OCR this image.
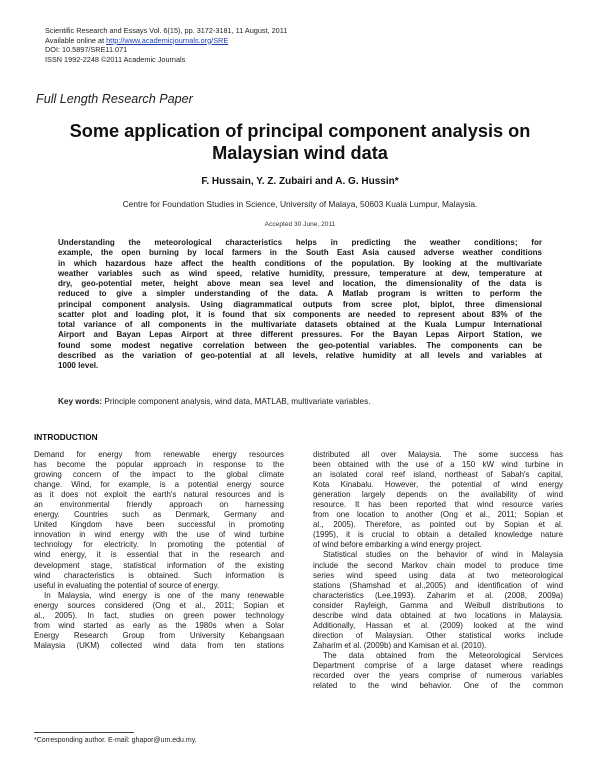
Scientific Research and Essays Vol. 6(15), pp. 3172-3181, 11 August, 2011
Available online at http://www.academicjournals.org/SRE
DOI: 10.5897/SRE11.071
ISSN 1992-2248 ©2011 Academic Journals
Full Length Research Paper
Some application of principal component analysis on
Malaysian wind data
F. Hussain, Y. Z. Zubairi and A. G. Hussin*
Centre for Foundation Studies in Science, University of Malaya, 50603 Kuala Lumpur, Malaysia.
Accepted 30 June, 2011

Understanding the meteorological characteristics helps in predicting the weather conditions; for
example, the open burning by local farmers in the South East Asia caused adverse weather conditions
in which hazardous haze affect the health conditions of the population. By looking at the multivariate
weather variables such as wind speed, relative humidity, pressure, temperature at dew, temperature at
dry, geo-potential meter, height above mean sea level and location, the dimensionality of the data is
reduced to give a simpler understanding of the data. A Matlab program is written to perform the
principal component analysis. Using diagrammatical outputs from scree plot, biplot, three dimensional
scatter plot and loading plot, it is found that six components are needed to represent about 83% of the
total variance of all components in the multivariate datasets obtained at the Kuala Lumpur International
Airport and Bayan Lepas Airport at three different pressures. For the Bayan Lepas Airport Station, we
found some modest negative correlation between the geo-potential variables. The components can be
described as the variation of geo-potential at all levels, relative humidity at all levels and variables at
1000 level.

Key words: Principle component analysis, wind data, MATLAB, multivariate variables.
INTRODUCTION

Demand for energy from renewable energy resources
has become the popular approach in response to the
growing concern of the impact to the global climate
change. Wind, for example, is a potential energy source
as it does not exploit the earth's natural resources and is
an environmental friendly approach on harnessing
energy. Countries such as Denmark, Germany and
United Kingdom have been successful in promoting
innovation in wind energy with the use of wind turbine
technology for electricity. In promoting the potential of
wind energy, it is essential that in the research and
development stage, statistical information of the existing
wind characteristics is obtained. Such information is
useful in evaluating the potential of source of energy.
In Malaysia, wind energy is one of the many renewable
energy sources considered (Ong et al., 2011; Sopian et
al., 2005). In fact, studies on green power technology
from wind started as early as the 1980s when a Solar
Energy Research Group from University Kebangsaan
Malaysia (UKM) collected wind data from ten stations

distributed all over Malaysia. The some success has
been obtained with the use of a 150 kW wind turbine in
an isolated coral reef island, northeast of Sabah's capital,
Kota Kinabalu. However, the potential of wind energy
generation largely depends on the availability of wind
resource. It has been reported that wind resource varies
from one location to another (Ong et al., 2011; Sopian et
al., 2005). Therefore, as pointed out by Sopian et al.
(1995), it is crucial to obtain a detailed knowledge nature
of wind before embarking a wind energy project.
Statistical studies on the behavior of wind in Malaysia
include the second Markov chain model to produce time
series wind speed using data at two meteorological
stations (Shamshad et al.,2005) and identification of wind
characteristics (Lee,1993). Zaharim et al. (2008, 2009a)
consider Rayleigh, Gamma and Weibull distributions to
describe wind data obtained at two locations in Malaysia.
Additionally, Hassan et al. (2009) looked at the wind
direction of Malaysian. Other statistical works include
Zaharim et al. (2009b) and Kamisan et al. (2010).
The data obtained from the Meteorological Services
Department comprise of a large dataset where readings
recorded over the years comprise of numerous variables
related to the wind behavior. One of the common

*Corresponding author. E-mail: ghapor@um.edu.my.
